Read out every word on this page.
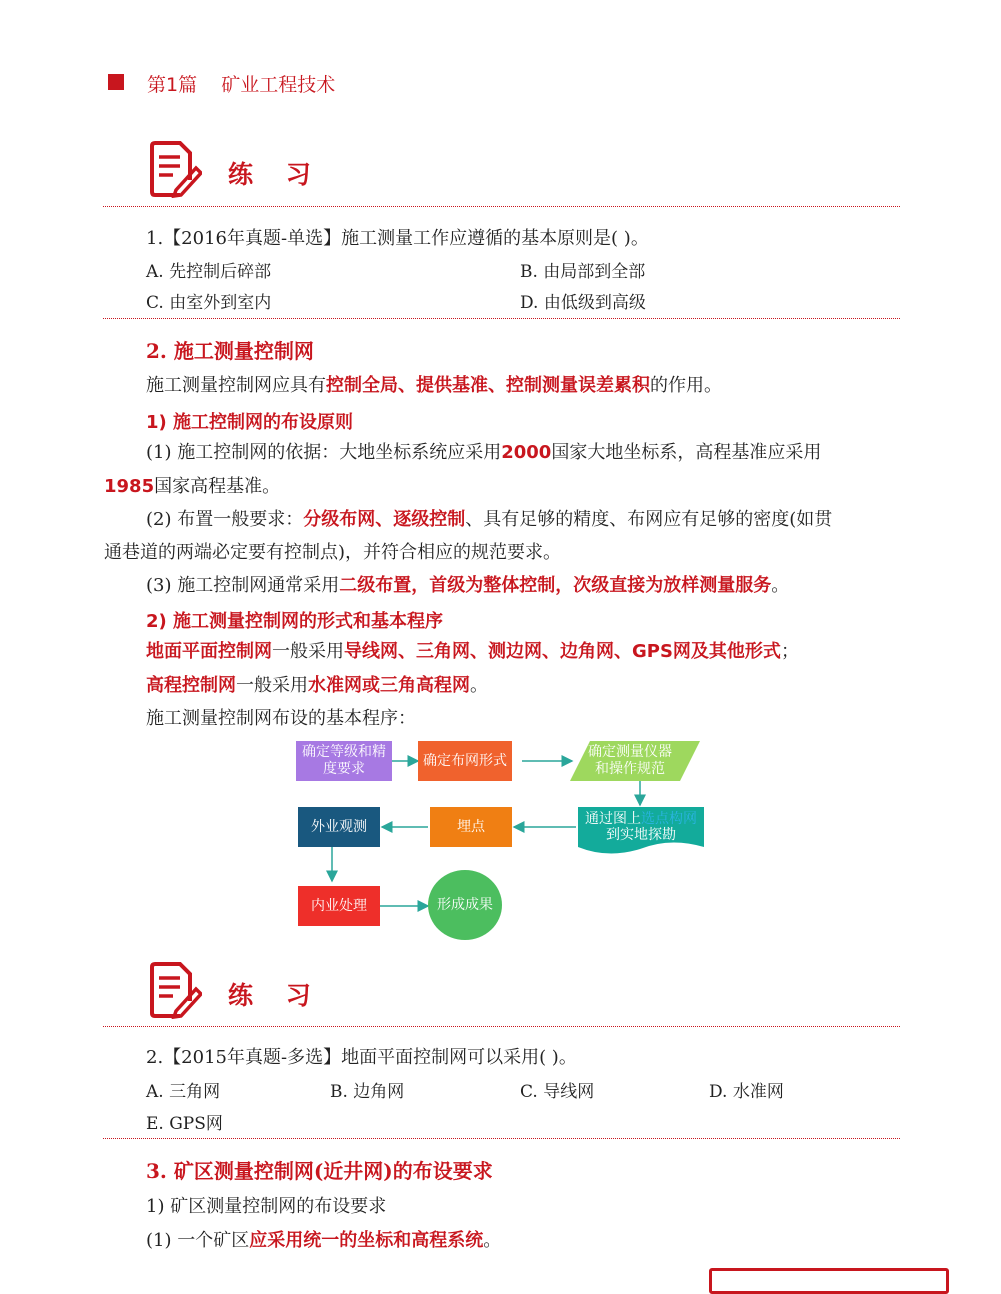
第1篇    矿业工程技术
练 习
1.【2016年真题-单选】施工测量工作应遵循的基本原则是( )。
A. 先控制后碎部	B. 由局部到全部
C. 由室外到室内	D. 由低级到高级
2. 施工测量控制网
施工测量控制网应具有控制全局、提供基准、控制测量误差累积的作用。
1) 施工控制网的布设原则
(1) 施工控制网的依据：大地坐标系统应采用2000国家大地坐标系，高程基准应采用
1985国家高程基准。
(2) 布置一般要求：分级布网、逐级控制、具有足够的精度、布网应有足够的密度(如贯
通巷道的两端必定要有控制点)，并符合相应的规范要求。
(3) 施工控制网通常采用二级布置，首级为整体控制，次级直接为放样测量服务。
2) 施工测量控制网的形式和基本程序
地面平面控制网一般采用导线网、三角网、测边网、边角网、GPS网及其他形式；
高程控制网一般采用水准网或三角高程网。
施工测量控制网布设的基本程序：
确定等级和精度要求
确定布网形式
确定测量仪器和操作规范
通过图上选点构网
到实地探勘
埋点
外业观测
内业处理	形成成果
练 习
2.【2015年真题-多选】地面平面控制网可以采用( )。
A. 三角网	B. 边角网	C. 导线网	D. 水准网
E. GPS网
3. 矿区测量控制网(近井网)的布设要求
1) 矿区测量控制网的布设要求
(1) 一个矿区应采用统一的坐标和高程系统。
